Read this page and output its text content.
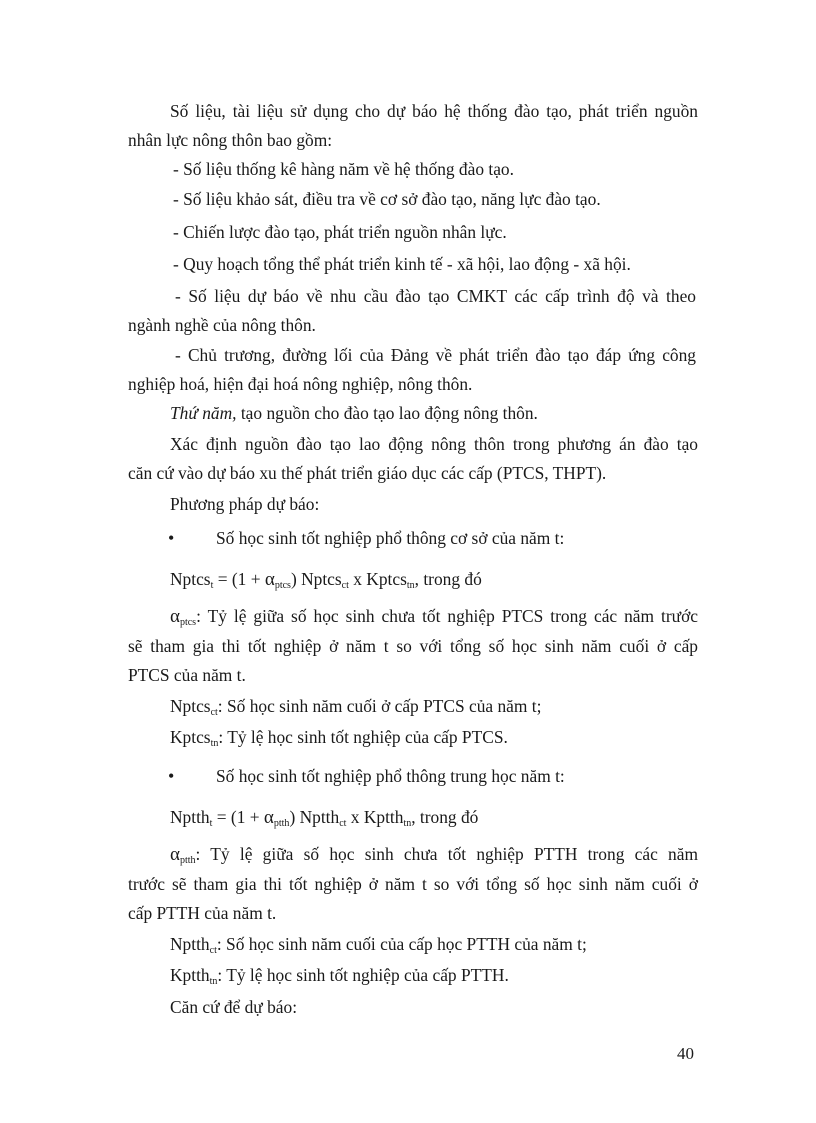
Số liệu, tài liệu sử dụng cho dự báo hệ thống đào tạo, phát triển nguồn
nhân lực nông thôn bao gồm:
- Số liệu thống kê hàng năm về hệ thống đào tạo.
- Số liệu khảo sát, điều tra về cơ sở đào tạo, năng lực đào tạo.
- Chiến lược đào tạo, phát triển nguồn nhân lực.
- Quy hoạch tổng thể phát triển kinh tế - xã hội, lao động - xã hội.
- Số liệu dự báo về nhu cầu đào tạo CMKT các cấp trình độ và theo
ngành nghề của nông thôn.
- Chủ trương, đường lối của Đảng về phát triển đào tạo đáp ứng công
nghiệp hoá, hiện đại hoá nông nghiệp, nông thôn.
Thứ năm, tạo nguồn cho đào tạo lao động nông thôn.
Xác định nguồn đào tạo lao động nông thôn trong phương án đào tạo
căn cứ vào dự báo xu thế phát triển giáo dục các cấp (PTCS, THPT).
Phương pháp dự báo:
• Số học sinh tốt nghiệp phổ thông cơ sở của năm t:
Nptcs$_t$ = $(1 + \alpha_{ptcs})$ Nptcs$_{ct}$ x Kptcs$_{tn}$, trong đó
$\alpha_{ptcs}$: Tỷ lệ giữa số học sinh chưa tốt nghiệp PTCS trong các năm trước
sẽ tham gia thi tốt nghiệp ở năm t so với tổng số học sinh năm cuối ở cấp
PTCS của năm t.
Nptcs$_{ct}$: Số học sinh năm cuối ở cấp PTCS của năm t;
Kptcs$_{tn}$: Tỷ lệ học sinh tốt nghiệp của cấp PTCS.
• Số học sinh tốt nghiệp phổ thông trung học năm t:
Nptth$_t$ = $(1 + \alpha_{ptth})$ Nptth$_{ct}$ x Kptth$_{tn}$, trong đó
$\alpha_{ptth}$: Tỷ lệ giữa số học sinh chưa tốt nghiệp PTTH trong các năm
trước sẽ tham gia thi tốt nghiệp ở năm t so với tổng số học sinh năm cuối ở
cấp PTTH của năm t.
Nptth$_{ct}$: Số học sinh năm cuối của cấp học PTTH của năm t;
Kptth$_{tn}$: Tỷ lệ học sinh tốt nghiệp của cấp PTTH.
Căn cứ để dự báo:
40
